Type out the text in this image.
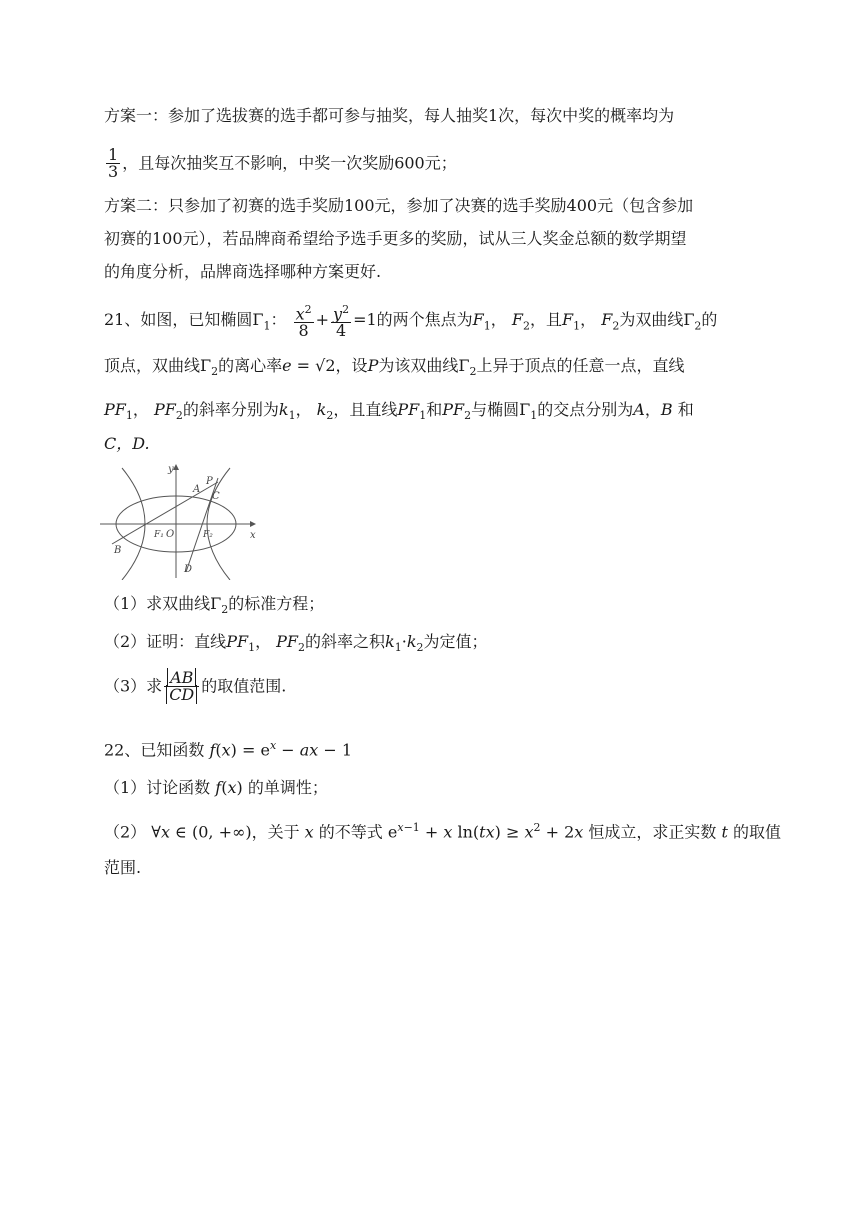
方案一：参加了选拔赛的选手都可参与抽奖，每人抽奖1次，每次中奖的概率均为
$\frac{1}{3}$ ，且每次抽奖互不影响，中奖一次奖励600元；
方案二：只参加了初赛的选手奖励100元，参加了决赛的选手奖励400元（包含参加
初赛的100元），若品牌商希望给予选手更多的奖励，试从三人奖金总额的数学期望
的角度分析，品牌商选择哪种方案更好.
21、如图，已知椭圆$\Gamma_1$： $\frac{x^2}{8} + \frac{y^2}{4} =1$的两个焦点为$F_1$， $F_2$，且$F_1$， $F_2$为双曲线$\Gamma_2$的
顶点，双曲线$\Gamma_2$的离心率e = √2，设P为该双曲线$\Gamma_2$上异于顶点的任意一点，直线
$PF_1$， $PF_2$的斜率分别为$k_1$， $k_2$，且直线$PF_1$和$PF_2$与椭圆$\Gamma_1$的交点分别为A，B 和
C，D.
y
P
A
C
B
F₁ O	F₂	x
D
（1）求双曲线$\Gamma_2$的标准方程；
（2）证明：直线$PF_1$， $PF_2$的斜率之积$k_1\cdot k_2$为定值；
（3）求 $\frac{AB}{CD}$ 的取值范围.
22、已知函数 $f(x) = e^x$ − ax − 1
（1）讨论函数 f(x) 的单调性；
（2） ∀x ∈ (0, +∞)，关于 x 的不等式 $e^{x-1} + x$ $\ln(tx) \ge x^2 + 2x$ 恒成立，求正实数 t 的取值
范围.
